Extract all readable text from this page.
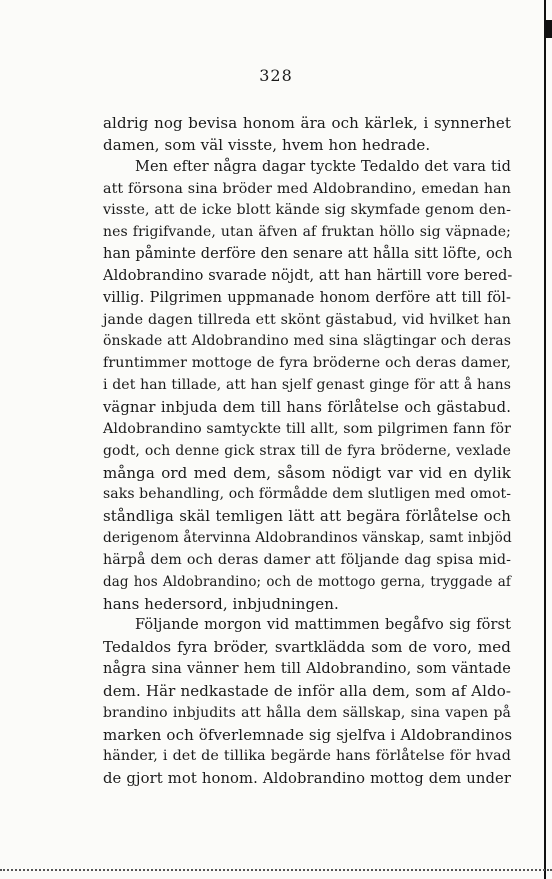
328
aldrig nog bevisa honom ära och kärlek, i synnerhet
damen, som väl visste, hvem hon hedrade.
Men efter några dagar tyckte Tedaldo det vara tid
att försona sina bröder med Aldobrandino, emedan han
visste, att de icke blott kände sig skymfade genom den-
nes frigifvande, utan äfven af fruktan höllo sig väpnade;
han påminte derföre den senare att hålla sitt löfte, och
Aldobrandino svarade nöjdt, att han härtill vore bered-
villig. Pilgrimen uppmanade honom derföre att till föl-
jande dagen tillreda ett skönt gästabud, vid hvilket han
önskade att Aldobrandino med sina slägtingar och deras
fruntimmer mottoge de fyra bröderne och deras damer,
i det han tillade, att han sjelf genast ginge för att å hans
vägnar inbjuda dem till hans förlåtelse och gästabud.
Aldobrandino samtyckte till allt, som pilgrimen fann för
godt, och denne gick strax till de fyra bröderne, vexlade
många ord med dem, såsom nödigt var vid en dylik
saks behandling, och förmådde dem slutligen med omot-
ståndliga skäl temligen lätt att begära förlåtelse och
derigenom återvinna Aldobrandinos vänskap, samt inbjöd
härpå dem och deras damer att följande dag spisa mid-
dag hos Aldobrandino; och de mottogo gerna, tryggade af
hans hedersord, inbjudningen.
Följande morgon vid mattimmen begåfvo sig först
Tedaldos fyra bröder, svartklädda som de voro, med
några sina vänner hem till Aldobrandino, som väntade
dem. Här nedkastade de inför alla dem, som af Aldo-
brandino inbjudits att hålla dem sällskap, sina vapen på
marken och öfverlemnade sig sjelfva i Aldobrandinos
händer, i det de tillika begärde hans förlåtelse för hvad
de gjort mot honom. Aldobrandino mottog dem under
